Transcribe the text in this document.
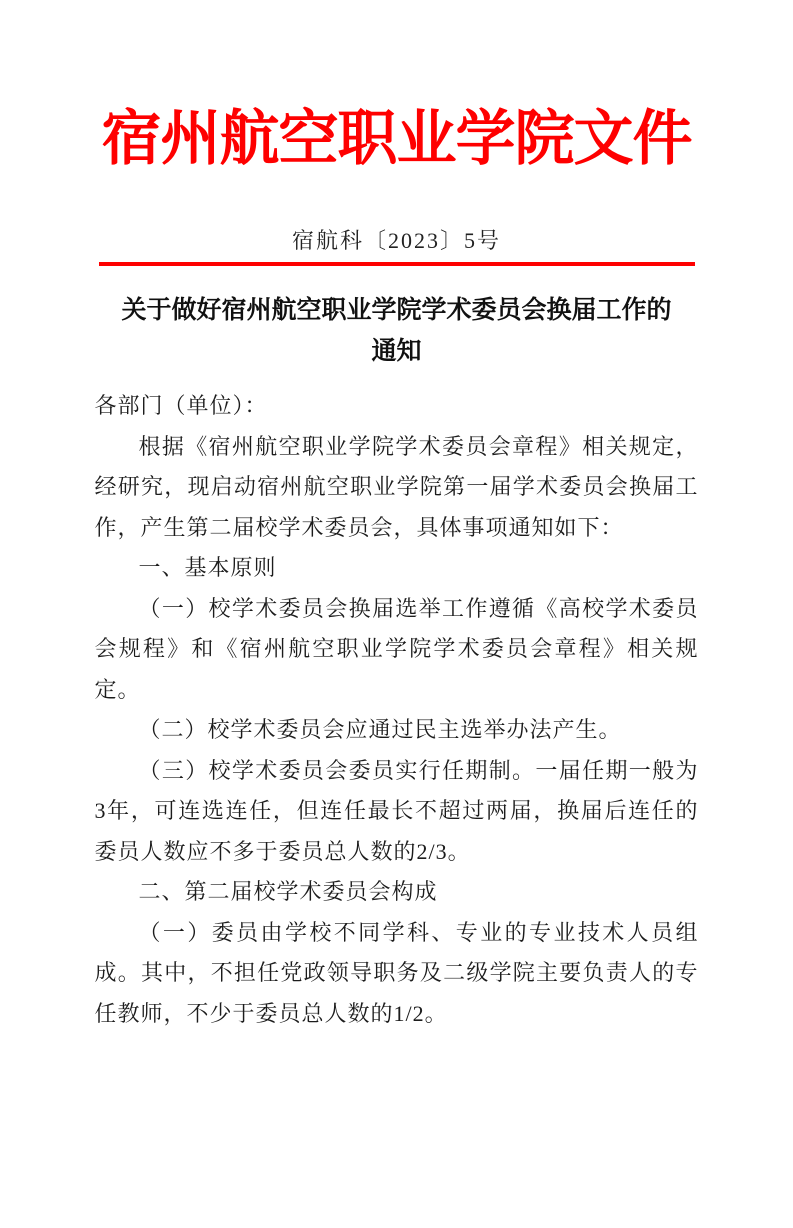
宿州航空职业学院文件
宿航科〔2023〕5号
关于做好宿州航空职业学院学术委员会换届工作的通知

各部门（单位）：

根据《宿州航空职业学院学术委员会章程》相关规定，经研究，现启动宿州航空职业学院第一届学术委员会换届工作，产生第二届校学术委员会，具体事项通知如下：

一、基本原则

（一）校学术委员会换届选举工作遵循《高校学术委员会规程》和《宿州航空职业学院学术委员会章程》相关规定。

（二）校学术委员会应通过民主选举办法产生。

（三）校学术委员会委员实行任期制。一届任期一般为3年，可连选连任，但连任最长不超过两届，换届后连任的委员人数应不多于委员总人数的2/3。

二、第二届校学术委员会构成

（一）委员由学校不同学科、专业的专业技术人员组成。其中，不担任党政领导职务及二级学院主要负责人的专任教师，不少于委员总人数的1/2。
